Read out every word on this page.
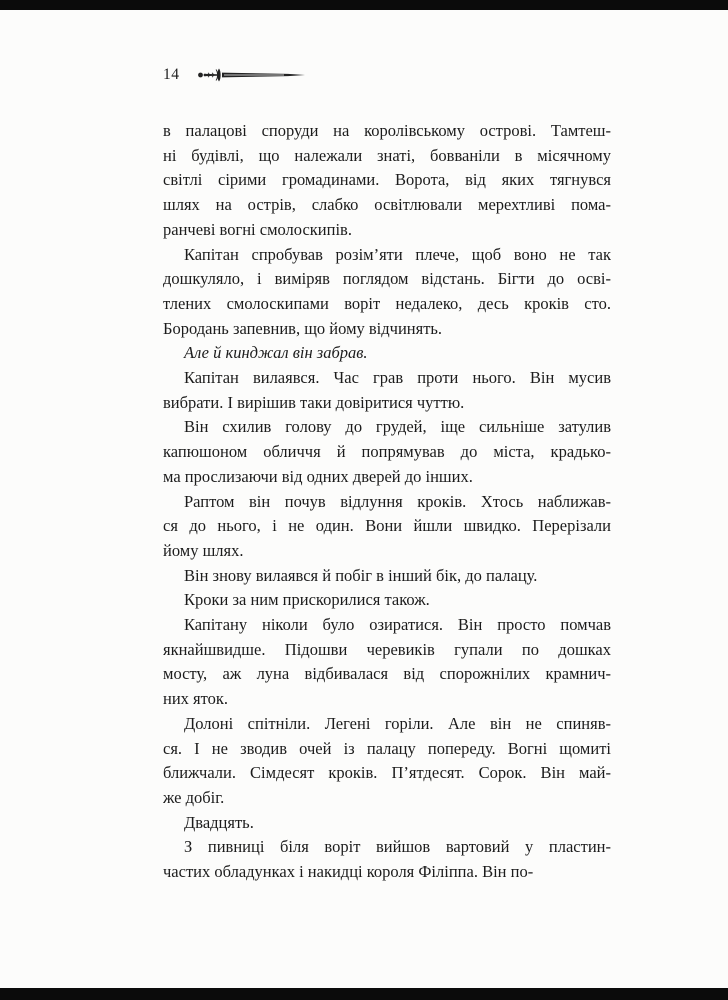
14

в палацові споруди на королівському острові. Тамтеш-
ні будівлі, що належали знаті, бовваніли в місячному
світлі сірими громадинами. Ворота, від яких тягнувся
шлях на острів, слабко освітлювали мерехтливі пома-
ранчеві вогні смолоскипів.

Капітан спробував розім’яти плече, щоб воно не так
дошкуляло, і виміряв поглядом відстань. Бігти до осві-
тлених смолоскипами воріт недалеко, десь кроків сто.
Бородань запевнив, що йому відчинять.

Але й кинджал він забрав.

Капітан вилаявся. Час грав проти нього. Він мусив
вибрати. І вирішив таки довіритися чуттю.

Він схилив голову до грудей, іще сильніше затулив
капюшоном обличчя й попрямував до міста, крадько-
ма прослизаючи від одних дверей до інших.

Раптом він почув відлуння кроків. Хтось наближав-
ся до нього, і не один. Вони йшли швидко. Перерізали
йому шлях.

Він знову вилаявся й побіг в інший бік, до палацу.

Кроки за ним прискорилися також.

Капітану ніколи було озиратися. Він просто помчав
якнайшвидше. Підошви черевиків гупали по дошках
мосту, аж луна відбивалася від спорожнілих крамнич-
них яток.

Долоні спітніли. Легені горіли. Але він не спиняв-
ся. І не зводив очей із палацу попереду. Вогні щомиті
ближчали. Сімдесят кроків. П’ятдесят. Сорок. Він май-
же добіг.

Двадцять.

З пивниці біля воріт вийшов вартовий у пластин-
частих обладунках і накидці короля Філіппа. Він по-
